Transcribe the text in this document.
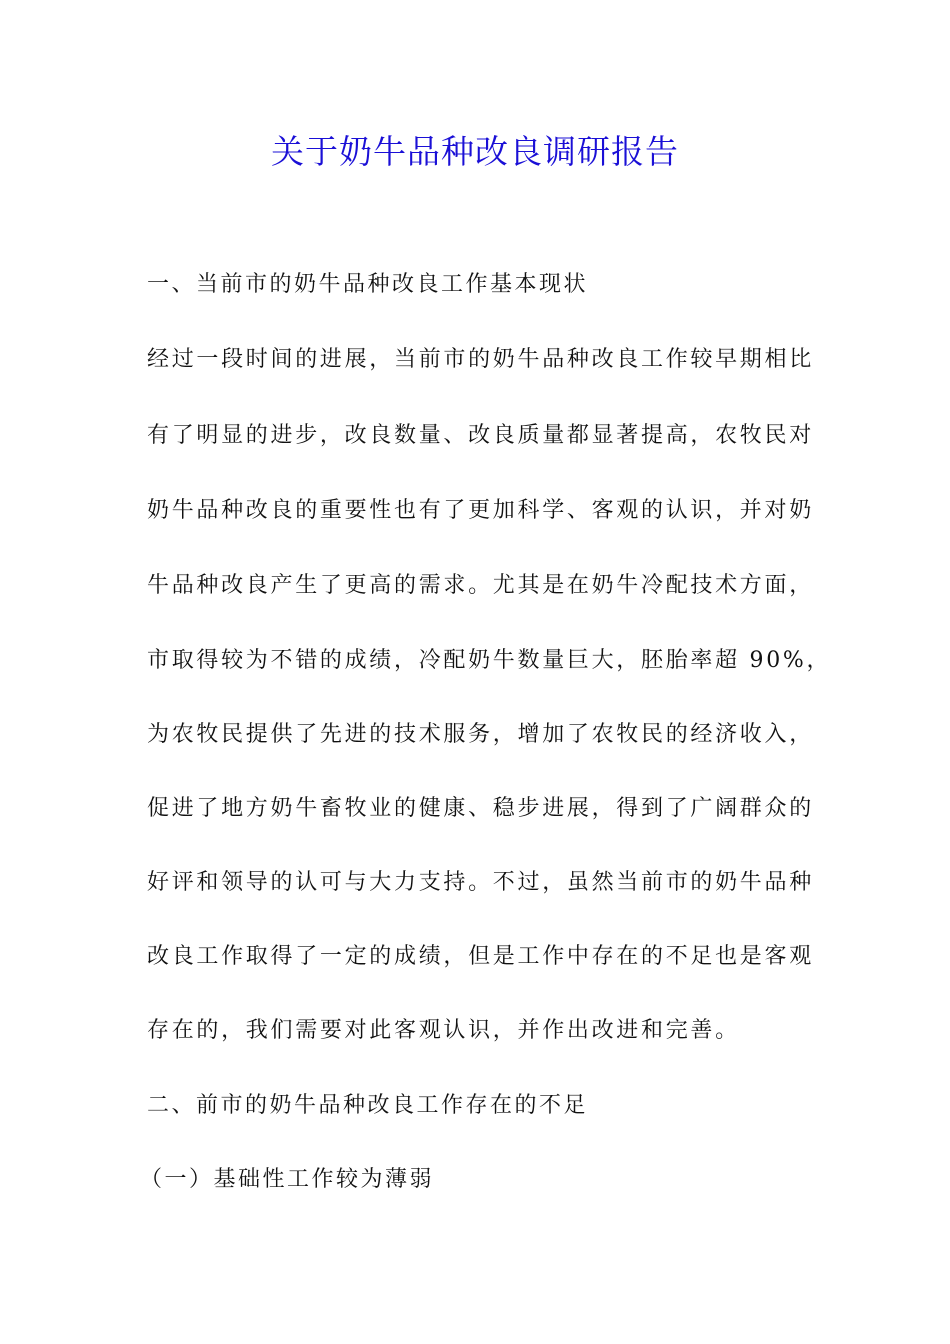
关于奶牛品种改良调研报告
一、当前市的奶牛品种改良工作基本现状
经过一段时间的进展，当前市的奶牛品种改良工作较早期相比
有了明显的进步，改良数量、改良质量都显著提高，农牧民对
奶牛品种改良的重要性也有了更加科学、客观的认识，并对奶
牛品种改良产生了更高的需求。尤其是在奶牛冷配技术方面，
市取得较为不错的成绩，冷配奶牛数量巨大，胚胎率超 90%，
为农牧民提供了先进的技术服务，增加了农牧民的经济收入，
促进了地方奶牛畜牧业的健康、稳步进展，得到了广阔群众的
好评和领导的认可与大力支持。不过，虽然当前市的奶牛品种
改良工作取得了一定的成绩，但是工作中存在的不足也是客观
存在的，我们需要对此客观认识，并作出改进和完善。
二、前市的奶牛品种改良工作存在的不足
（一）基础性工作较为薄弱
